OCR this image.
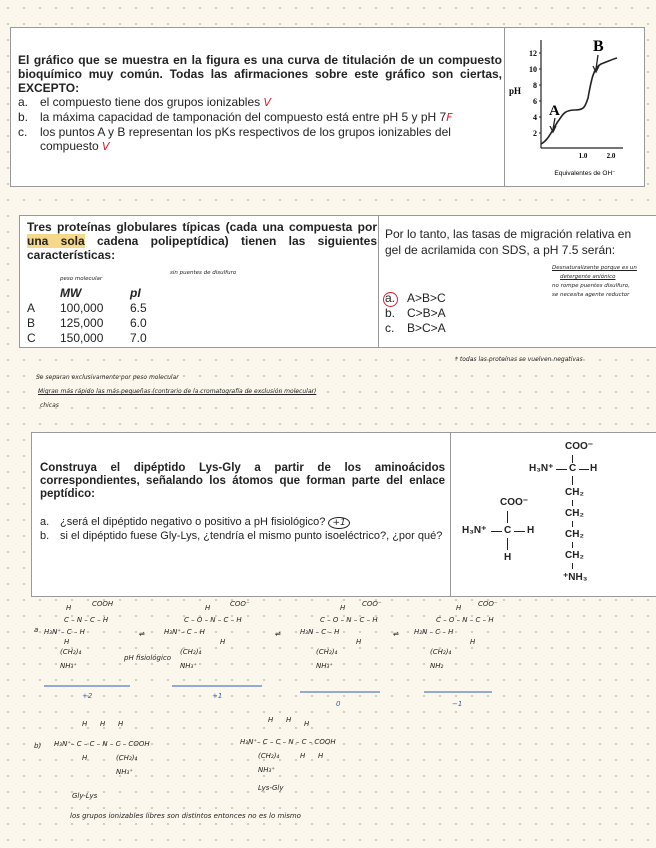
El gráfico que se muestra en la figura es una curva de titulación de un compuesto bioquímico muy común. Todas las afirmaciones sobre este gráfico son ciertas, EXCEPTO:
a. el compuesto tiene dos grupos ionizables V
b. la máxima capacidad de tamponación del compuesto está entre pH 5 y pH 7F
c.	los puntos A y B representan los pKs respectivos de los grupos ionizables del compuesto V
pH
12
10
8
6
4
2
A
B
1.0	2.0
Equivalentes de OH⁻
Tres proteínas globulares típicas (cada una compuesta por una sola cadena polipeptídica) tienen las siguientes características:
peso molecular
sin puentes de disulfuro
	MW	pI
A	100,000	6.5
B	125,000	6.0
C	150,000	7.0
Por lo tanto, las tasas de migración relativa en gel de acrilamida con SDS, a pH 7.5 serán:
a. A>B>C
b. C>B>A
c.	B>C>A
Desnaturalizante porque es un
detergente aniónico
no rompe puentes disulfuro,
se necesita agente reductor
* todas las proteínas se vuelven negativas
Se separan exclusivamente por peso molecular
Migran más rápido las más pequeñas (contrario de la cromatografía de exclusión molecular)
chicas
Construya el dipéptido Lys-Gly a partir de los aminoácidos correspondientes, señalando los átomos que forman parte del enlace peptídico:
a. ¿será el dipéptido negativo o positivo a pH fisiológico? +1
b. si el dipéptido fuese Gly-Lys, ¿tendría el mismo punto isoeléctrico?, ¿por qué?
COO⁻
H₃N⁺ C H
H
COO⁻
H₃N⁺ C H
CH₂
CH₂
CH₂
CH₂
⁺NH₃
a
H
C – N – C – H
COOH
H₃N⁺– C – H
H
(CH₂)₄
NH₃⁺
pH fisiológico
+2
⇌
H	COO⁻
C – O – N – C – H
H₃N⁺– C – H
H
(CH₂)₄
NH₃⁺
+1
⇌
H COO⁻
C – O – N – C – H
H₃N – C – H
H
(CH₂)₄
NH₃⁺
0
⇌
H COO⁻
C – O – N – C – H
H₂N – C – H
H
(CH₂)₄
NH₂
−1
b)
H H H
H₃N⁺– C – C – N – C – COOH
H	(CH₂)₄
NH₃⁺
Gly-Lys
H H H
H₃N⁺– C – C – N – C – COOH
(CH₂)₄	H H
NH₃⁺
Lys-Gly
los grupos ionizables libres son distintos entonces no es lo mismo
